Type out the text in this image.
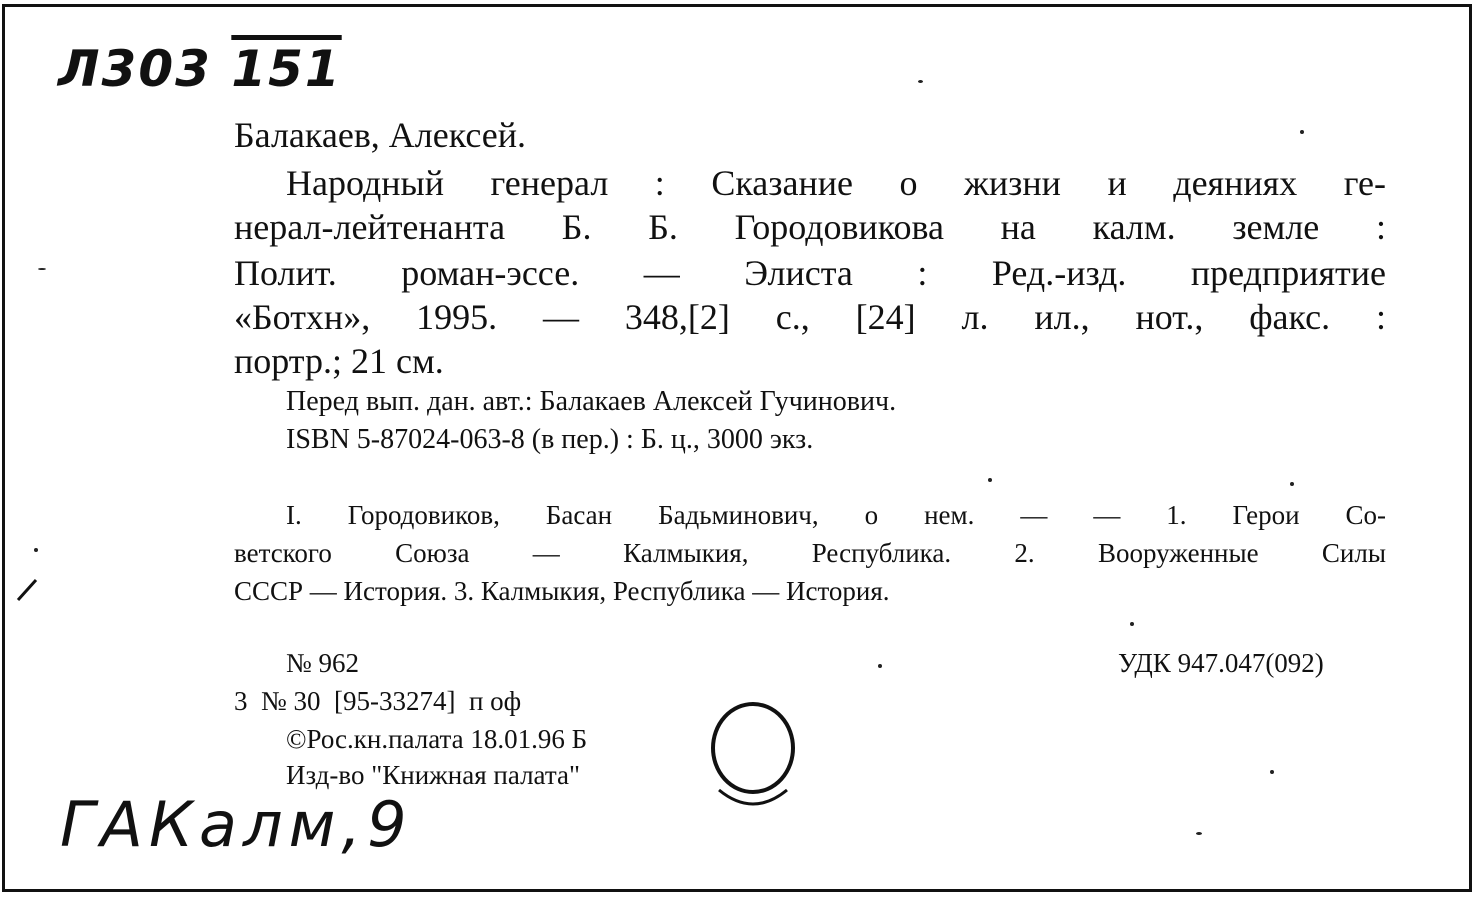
Л303 151
Балакаев, Алексей.
Народный генерал : Сказание о жизни и деяниях ге-
нерал-лейтенанта Б. Б. Городовикова на калм. земле :
Полит. роман-эссе. — Элиста : Ред.-изд. предприятие
«Ботхн», 1995. — 348,[2] с., [24] л. ил., нот., факс. :
портр.; 21 см.
Перед вып. дан. авт.: Балакаев Алексей Гучинович.
ISBN 5-87024-063-8 (в пер.) : Б. ц., 3000 экз.
I. Городовиков, Басан Бадьминович, о нем. — — 1. Герои Со-
ветского Союза — Калмыкия, Республика. 2. Вооруженные Силы
СССР — История. 3. Калмыкия, Республика — История.
№ 962	УДК 947.047(092)
3  № 30  [95-33274]  п оф
©Рос.кн.палата 18.01.96 Б
Изд-во "Книжная палата"
ГАКалм,9
